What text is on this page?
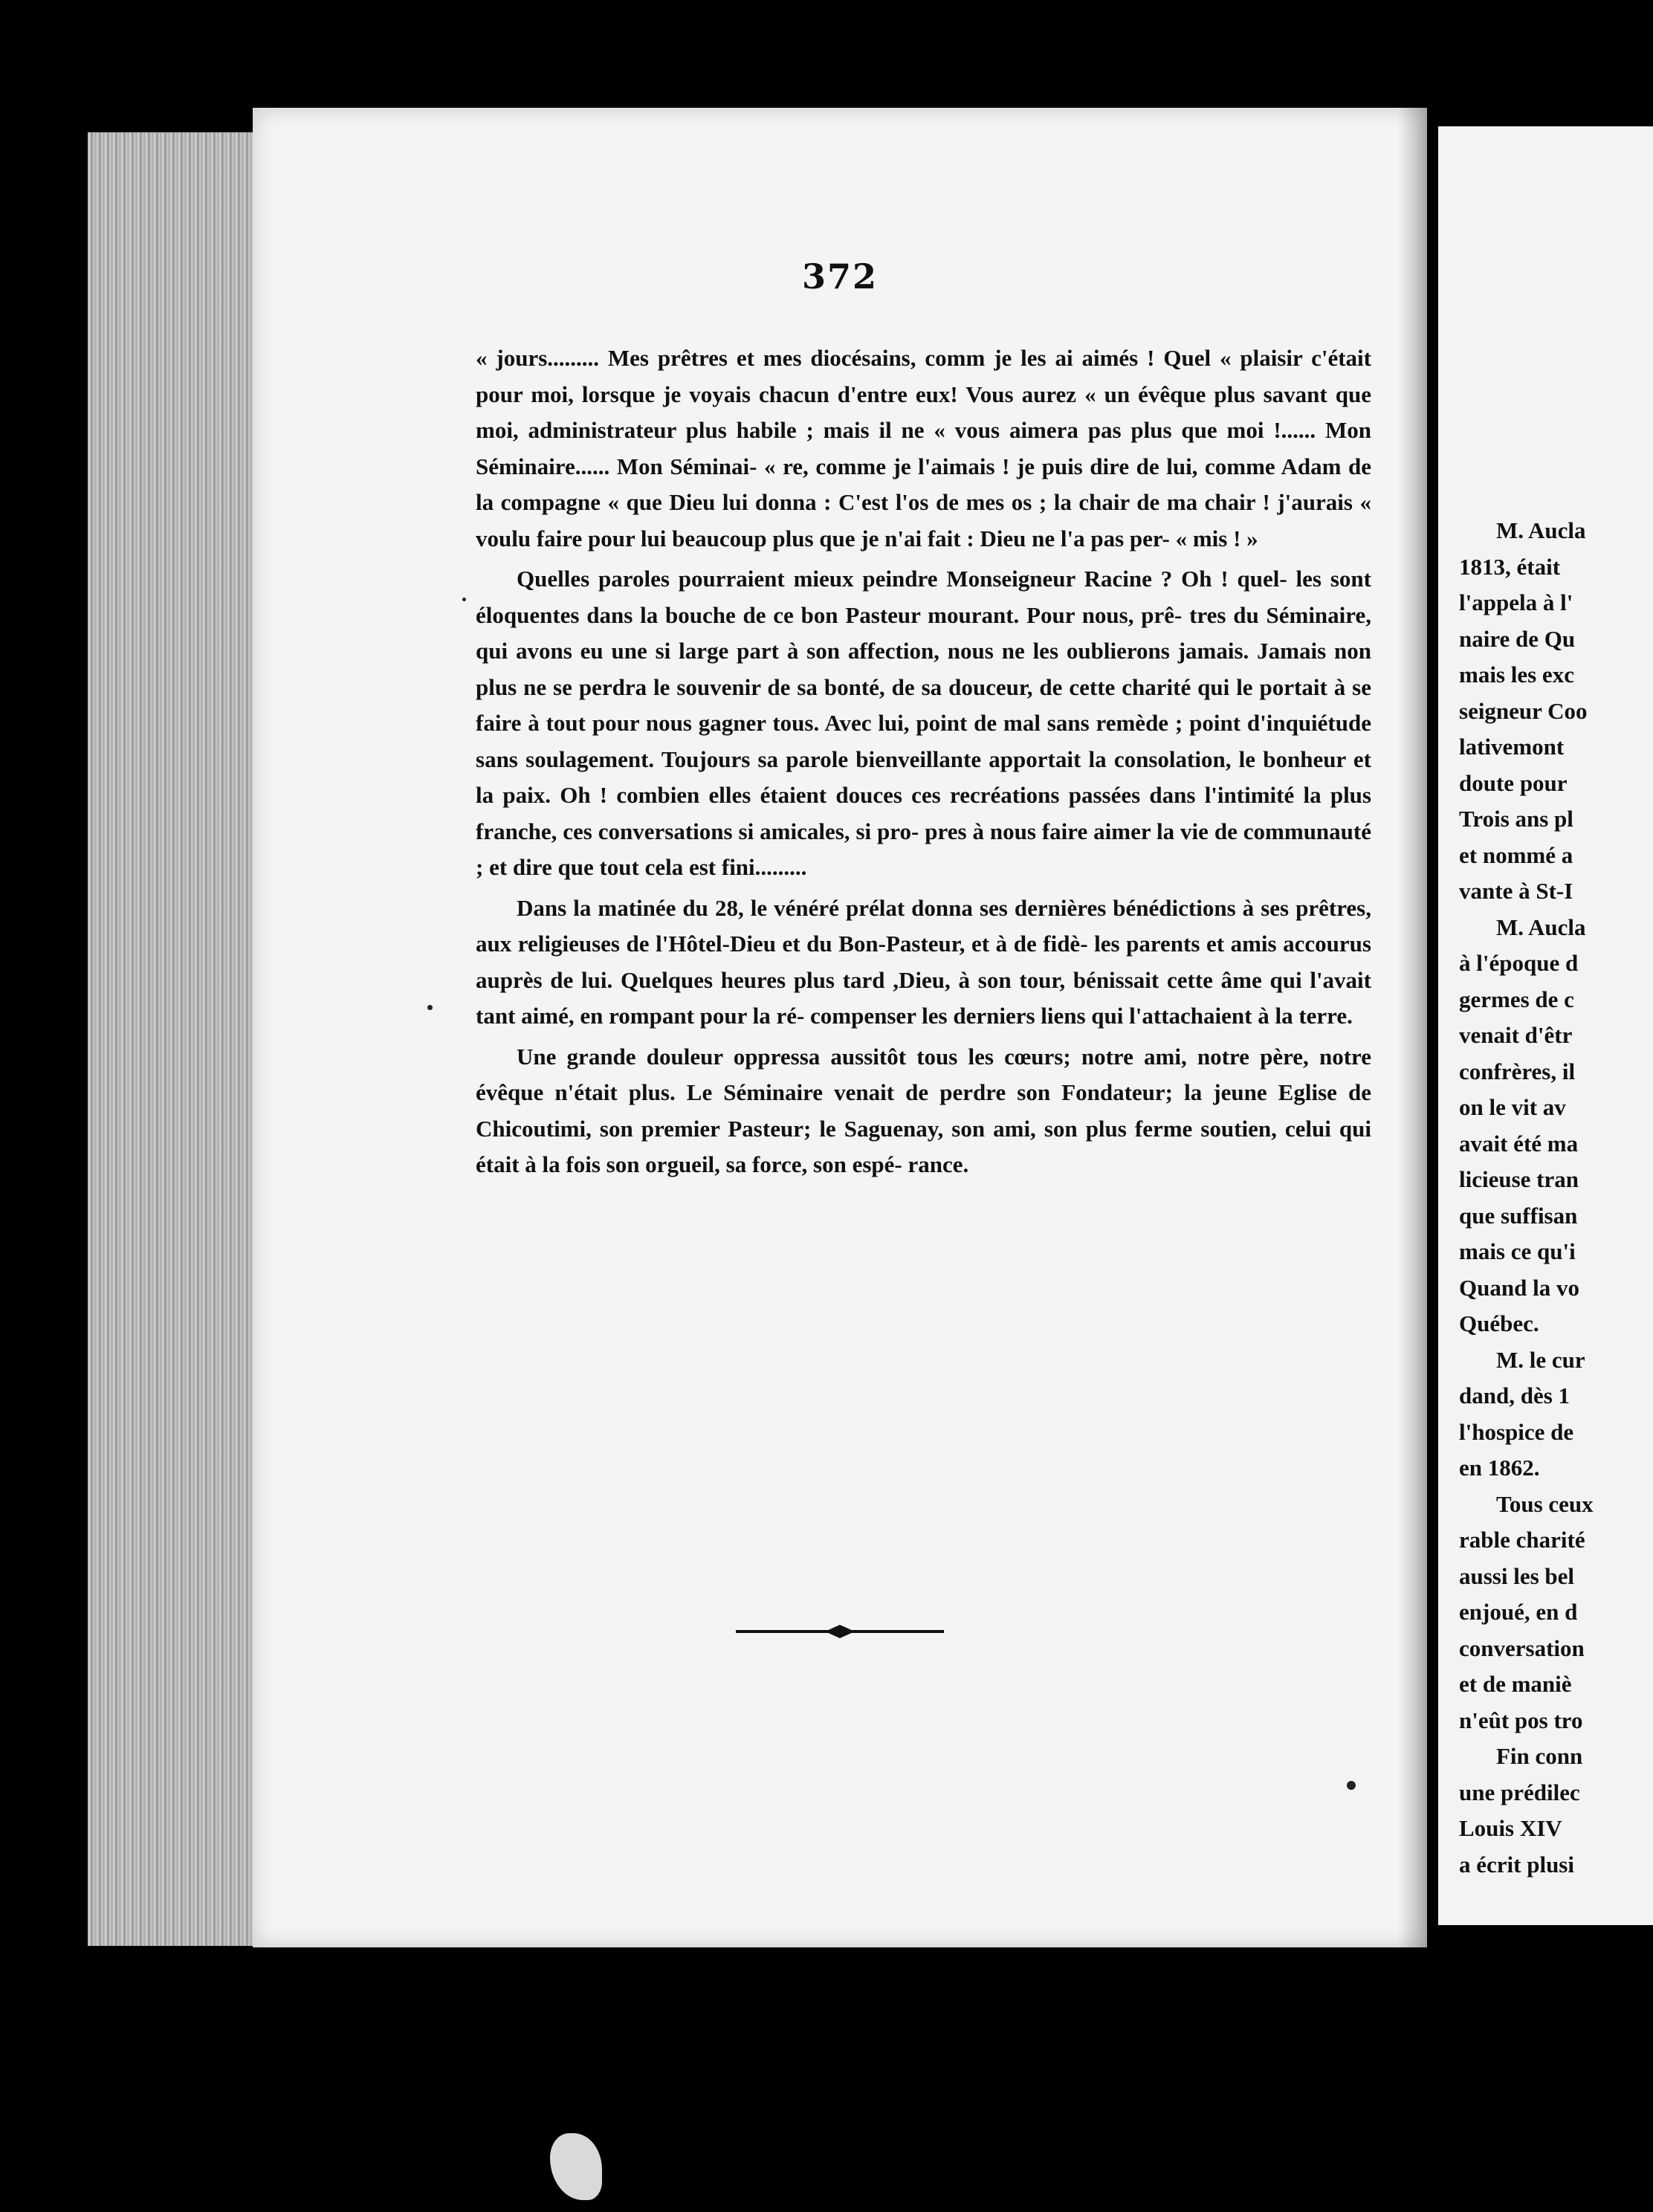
372

« jours......... Mes prêtres et mes diocésains, comm je les ai aimés ! Quel « plaisir c'était pour moi, lorsque je voyais chacun d'entre eux! Vous aurez « un évêque plus savant que moi, administrateur plus habile ; mais il ne « vous aimera pas plus que moi !...... Mon Séminaire...... Mon Séminai- « re, comme je l'aimais ! je puis dire de lui, comme Adam de la compagne « que Dieu lui donna : C'est l'os de mes os ; la chair de ma chair ! j'aurais « voulu faire pour lui beaucoup plus que je n'ai fait : Dieu ne l'a pas per- « mis ! »

Quelles paroles pourraient mieux peindre Monseigneur Racine ? Oh ! quel- les sont éloquentes dans la bouche de ce bon Pasteur mourant. Pour nous, prê- tres du Séminaire, qui avons eu une si large part à son affection, nous ne les oublierons jamais. Jamais non plus ne se perdra le souvenir de sa bonté, de sa douceur, de cette charité qui le portait à se faire à tout pour nous gagner tous. Avec lui, point de mal sans remède ; point d'inquiétude sans soulagement. Toujours sa parole bienveillante apportait la consolation, le bonheur et la paix. Oh ! combien elles étaient douces ces recréations passées dans l'intimité la plus franche, ces conversations si amicales, si pro- pres à nous faire aimer la vie de communauté ; et dire que tout cela est fini.........

Dans la matinée du 28, le vénéré prélat donna ses dernières bénédictions à ses prêtres, aux religieuses de l'Hôtel-Dieu et du Bon-Pasteur, et à de fidè- les parents et amis accourus auprès de lui. Quelques heures plus tard ,Dieu, à son tour, bénissait cette âme qui l'avait tant aimé, en rompant pour la ré- compenser les derniers liens qui l'attachaient à la terre.

Une grande douleur oppressa aussitôt tous les cœurs; notre ami, notre père, notre évêque n'était plus. Le Séminaire venait de perdre son Fondateur; la jeune Eglise de Chicoutimi, son premier Pasteur; le Saguenay, son ami, son plus ferme soutien, celui qui était à la fois son orgueil, sa force, son espé- rance.

M. Aucla
1813, était
l'appela à l'
naire de Qu
mais les exc
seigneur Coo
lativemont
doute pour
Trois ans pl
et nommé a
vante à St-I
M. Aucla
à l'époque d
germes de c
venait d'êtr
confrères, il
on le vit av
avait été ma
licieuse tran
que suffisan
mais ce qu'i
Quand la vo
Québec.
M. le cur
dand, dès 1
l'hospice de
en 1862.
Tous ceux
rable charité
aussi les bel
enjoué, en d
conversation
et de maniè
n'eût pos tro
Fin conn
une prédilec
Louis XIV
a écrit plusi
